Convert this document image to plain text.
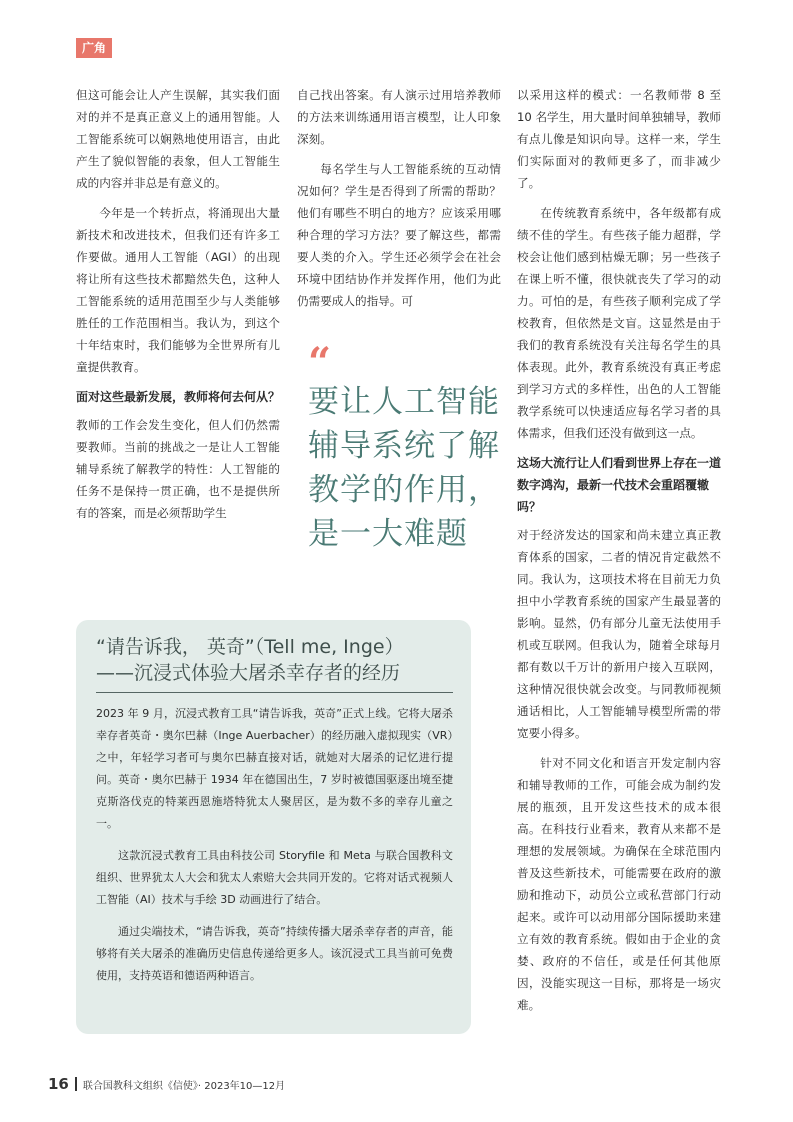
广角

但这可能会让人产生误解，其实我们面对的并不是真正意义上的通用智能。人工智能系统可以娴熟地使用语言，由此产生了貌似智能的表象，但人工智能生成的内容并非总是有意义的。

今年是一个转折点，将涌现出大量新技术和改进技术，但我们还有许多工作要做。通用人工智能（AGI）的出现将让所有这些技术都黯然失色，这种人工智能系统的适用范围至少与人类能够胜任的工作范围相当。我认为，到这个十年结束时，我们能够为全世界所有儿童提供教育。

面对这些最新发展，教师将何去何从？

教师的工作会发生变化，但人们仍然需要教师。当前的挑战之一是让人工智能辅导系统了解教学的特性：人工智能的任务不是保持一贯正确，也不是提供所有的答案，而是必须帮助学生

自己找出答案。有人演示过用培养教师的方法来训练通用语言模型，让人印象深刻。

每名学生与人工智能系统的互动情况如何？学生是否得到了所需的帮助？他们有哪些不明白的地方？应该采用哪种合理的学习方法？要了解这些，都需要人类的介入。学生还必须学会在社会环境中团结协作并发挥作用，他们为此仍需要成人的指导。可

“
要让人工智能辅导系统了解教学的作用，是一大难题

以采用这样的模式：一名教师带 8 至 10 名学生，用大量时间单独辅导，教师有点儿像是知识向导。这样一来，学生们实际面对的教师更多了，而非减少了。

在传统教育系统中，各年级都有成绩不佳的学生。有些孩子能力超群，学校会让他们感到枯燥无聊；另一些孩子在课上听不懂，很快就丧失了学习的动力。可怕的是，有些孩子顺利完成了学校教育，但依然是文盲。这显然是由于我们的教育系统没有关注每名学生的具体表现。此外，教育系统没有真正考虑到学习方式的多样性，出色的人工智能教学系统可以快速适应每名学习者的具体需求，但我们还没有做到这一点。

这场大流行让人们看到世界上存在一道数字鸿沟，最新一代技术会重蹈覆辙吗？

对于经济发达的国家和尚未建立真正教育体系的国家，二者的情况肯定截然不同。我认为，这项技术将在目前无力负担中小学教育系统的国家产生最显著的影响。显然，仍有部分儿童无法使用手机或互联网。但我认为，随着全球每月都有数以千万计的新用户接入互联网，这种情况很快就会改变。与同教师视频通话相比，人工智能辅导模型所需的带宽要小得多。

针对不同文化和语言开发定制内容和辅导教师的工作，可能会成为制约发展的瓶颈，且开发这些技术的成本很高。在科技行业看来，教育从来都不是理想的发展领域。为确保在全球范围内普及这些新技术，可能需要在政府的激励和推动下，动员公立或私营部门行动起来。或许可以动用部分国际援助来建立有效的教育系统。假如由于企业的贪婪、政府的不信任，或是任何其他原因，没能实现这一目标，那将是一场灾难。

“请告诉我， 英奇”（Tell me, Inge）
——沉浸式体验大屠杀幸存者的经历

2023 年 9 月，沉浸式教育工具“请告诉我，英奇”正式上线。它将大屠杀幸存者英奇・奥尔巴赫（Inge Auerbacher）的经历融入虚拟现实（VR）之中，年轻学习者可与奥尔巴赫直接对话，就她对大屠杀的记忆进行提问。英奇・奥尔巴赫于 1934 年在德国出生，7 岁时被德国驱逐出境至捷克斯洛伐克的特莱西恩施塔特犹太人聚居区，是为数不多的幸存儿童之一。

这款沉浸式教育工具由科技公司 Storyfile 和 Meta 与联合国教科文组织、世界犹太人大会和犹太人索赔大会共同开发的。它将对话式视频人工智能（AI）技术与手绘 3D 动画进行了结合。

通过尖端技术，“请告诉我，英奇”持续传播大屠杀幸存者的声音，能够将有关大屠杀的准确历史信息传递给更多人。该沉浸式工具当前可免费使用，支持英语和德语两种语言。

16 联合国教科文组织《信使》· 2023年10—12月
